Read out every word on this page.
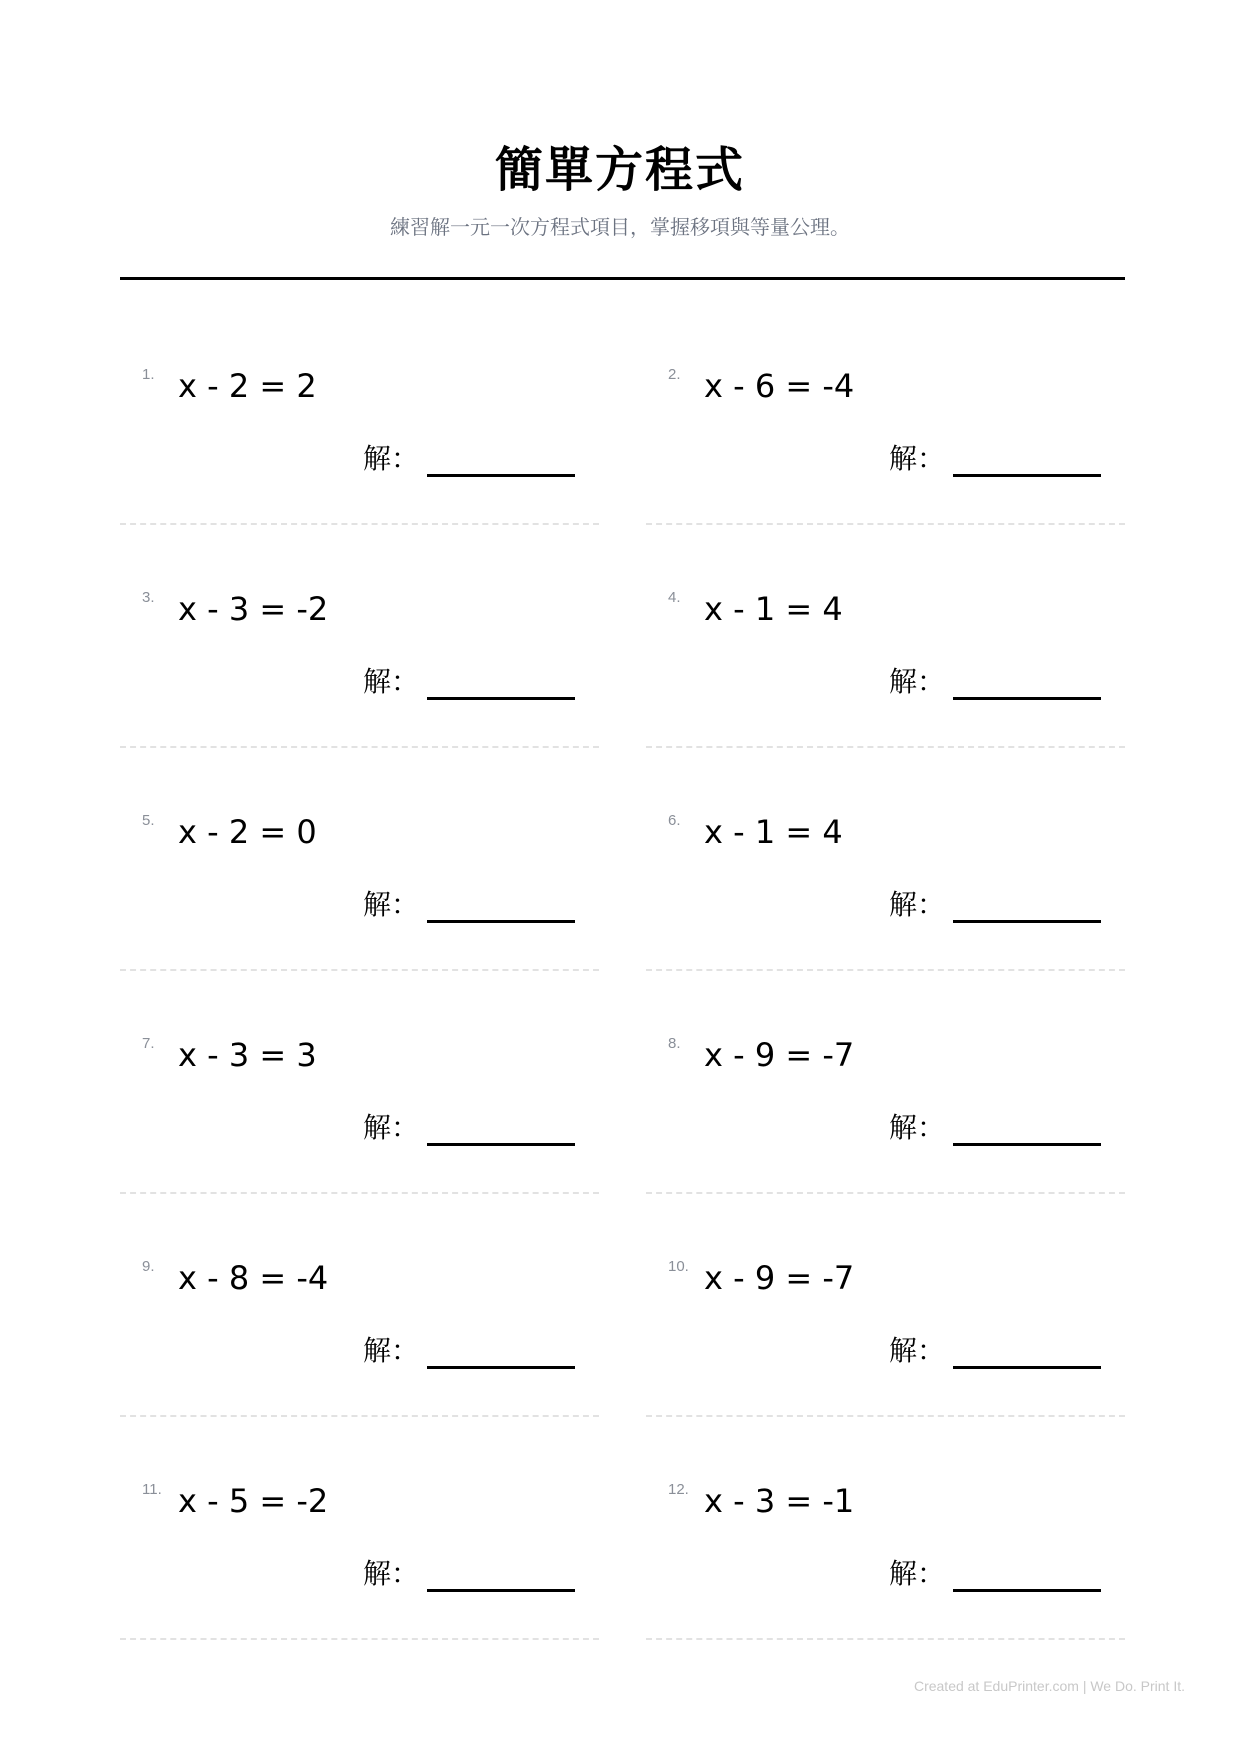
簡單方程式
練習解一元一次方程式項目，掌握移項與等量公理。
1. x - 2 = 2
解：
2. x - 6 = -4
解：
3. x - 3 = -2
解：
4. x - 1 = 4
解：
5. x - 2 = 0
解：
6. x - 1 = 4
解：
7. x - 3 = 3
解：
8. x - 9 = -7
解：
9. x - 8 = -4
解：
10. x - 9 = -7
解：
11. x - 5 = -2
解：
12. x - 3 = -1
解：
Created at EduPrinter.com | We Do. Print It.
